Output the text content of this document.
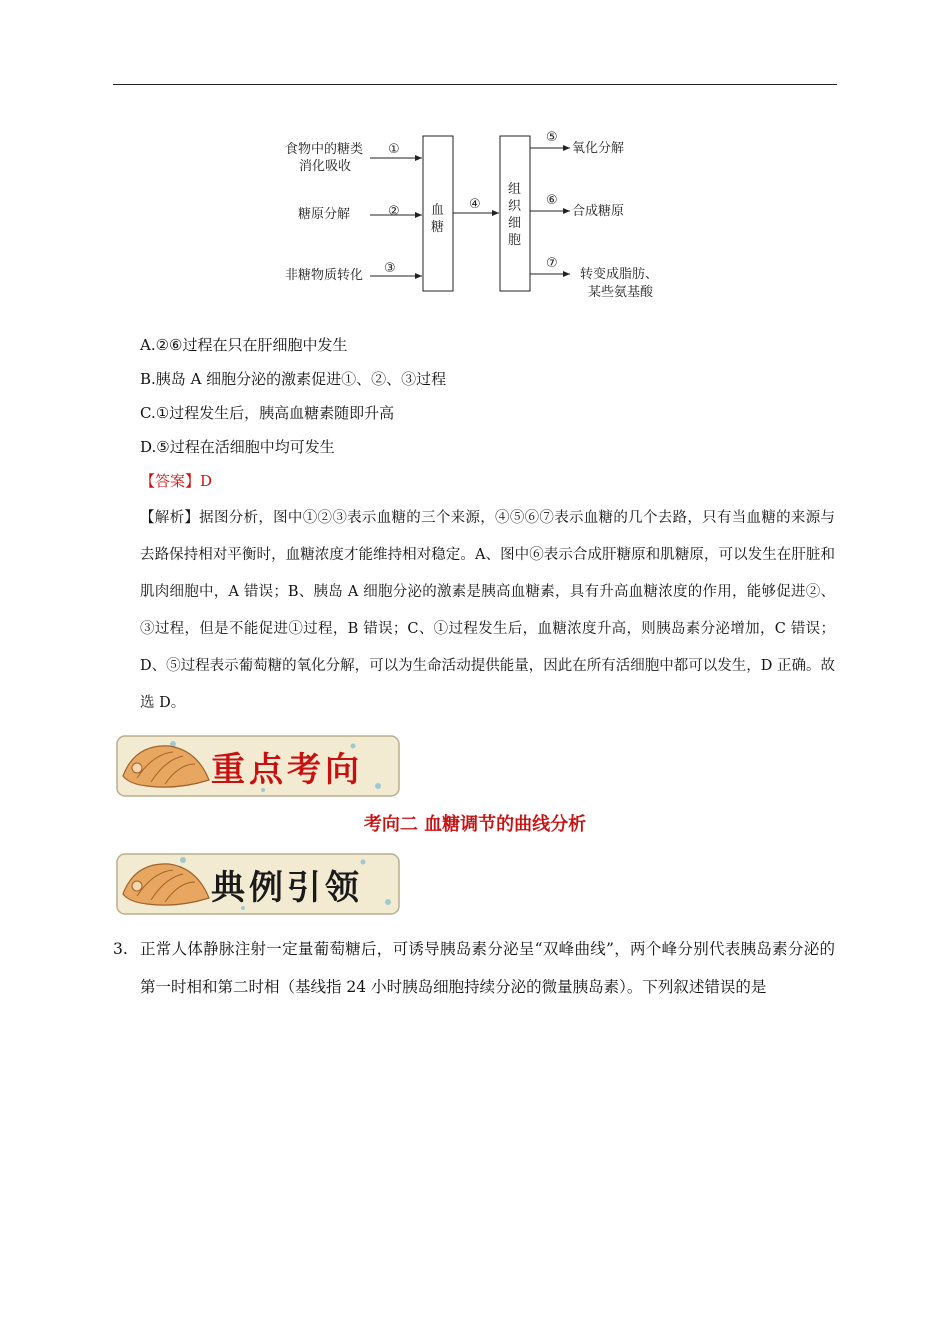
食物中的糖类
消化吸收
①
糖原分解	②
非糖物质转化 ③
血
糖
④
组
织
细
胞
⑤
氧化分解
⑥
合成糖原
⑦
转变成脂肪、
某些氨基酸
A.②⑥过程在只在肝细胞中发生
B.胰岛 A 细胞分泌的激素促进①、②、③过程
C.①过程发生后，胰高血糖素随即升高
D.⑤过程在活细胞中均可发生
【答案】D
【解析】据图分析，图中①②③表示血糖的三个来源，④⑤⑥⑦表示血糖的几个去路，只有当血糖的来源与去路保持相对平衡时，血糖浓度才能维持相对稳定。A、图中⑥表示合成肝糖原和肌糖原，可以发生在肝脏和肌肉细胞中，A 错误；B、胰岛 A 细胞分泌的激素是胰高血糖素，具有升高血糖浓度的作用，能够促进②、③过程，但是不能促进①过程，B 错误；C、①过程发生后，血糖浓度升高，则胰岛素分泌增加，C 错误；D、⑤过程表示葡萄糖的氧化分解，可以为生命活动提供能量，因此在所有活细胞中都可以发生，D 正确。故选 D。
重点考向
考向二 血糖调节的曲线分析
典例引领
3. 正常人体静脉注射一定量葡萄糖后，可诱导胰岛素分泌呈“双峰曲线”，两个峰分别代表胰岛素分泌的第一时相和第二时相（基线指 24 小时胰岛细胞持续分泌的微量胰岛素）。下列叙述错误的是
